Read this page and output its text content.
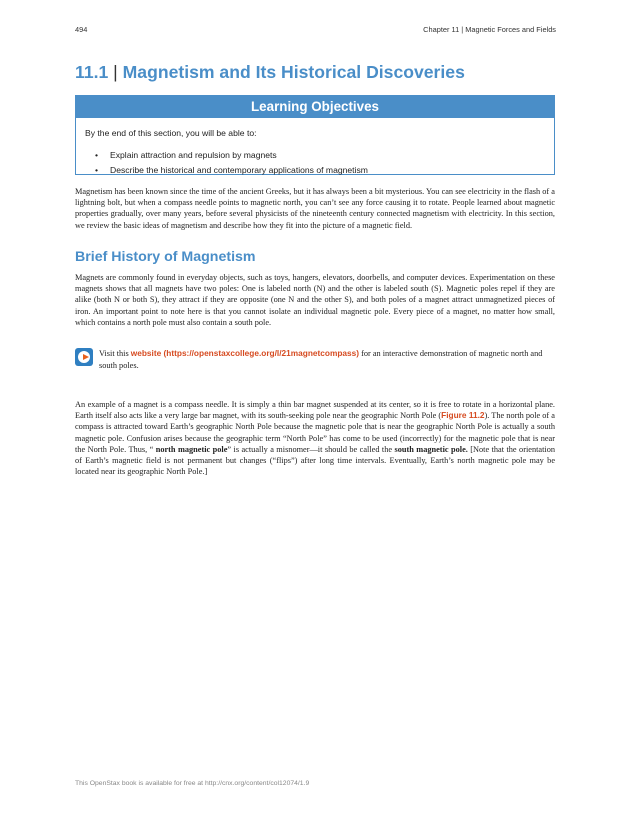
494	Chapter 11 | Magnetic Forces and Fields
11.1 | Magnetism and Its Historical Discoveries
Learning Objectives
By the end of this section, you will be able to:
• Explain attraction and repulsion by magnets
• Describe the historical and contemporary applications of magnetism

Magnetism has been known since the time of the ancient Greeks, but it has always been a bit mysterious. You can see electricity in the flash of a lightning bolt, but when a compass needle points to magnetic north, you can’t see any force causing it to rotate. People learned about magnetic properties gradually, over many years, before several physicists of the nineteenth century connected magnetism with electricity. In this section, we review the basic ideas of magnetism and describe how they fit into the picture of a magnetic field.

Brief History of Magnetism

Magnets are commonly found in everyday objects, such as toys, hangers, elevators, doorbells, and computer devices. Experimentation on these magnets shows that all magnets have two poles: One is labeled north (N) and the other is labeled south (S). Magnetic poles repel if they are alike (both N or both S), they attract if they are opposite (one N and the other S), and both poles of a magnet attract unmagnetized pieces of iron. An important point to note here is that you cannot isolate an individual magnetic pole. Every piece of a magnet, no matter how small, which contains a north pole must also contain a south pole.

Visit this website (https://openstaxcollege.org/l/21magnetcompass) for an interactive demonstration of magnetic north and south poles.

An example of a magnet is a compass needle. It is simply a thin bar magnet suspended at its center, so it is free to rotate in a horizontal plane. Earth itself also acts like a very large bar magnet, with its south-seeking pole near the geographic North Pole (Figure 11.2). The north pole of a compass is attracted toward Earth’s geographic North Pole because the magnetic pole that is near the geographic North Pole is actually a south magnetic pole. Confusion arises because the geographic term “North Pole” has come to be used (incorrectly) for the magnetic pole that is near the North Pole. Thus, “ north magnetic pole” is actually a misnomer—it should be called the south magnetic pole. [Note that the orientation of Earth’s magnetic field is not permanent but changes (“flips”) after long time intervals. Eventually, Earth’s north magnetic pole may be located near its geographic North Pole.]

This OpenStax book is available for free at http://cnx.org/content/col12074/1.9
